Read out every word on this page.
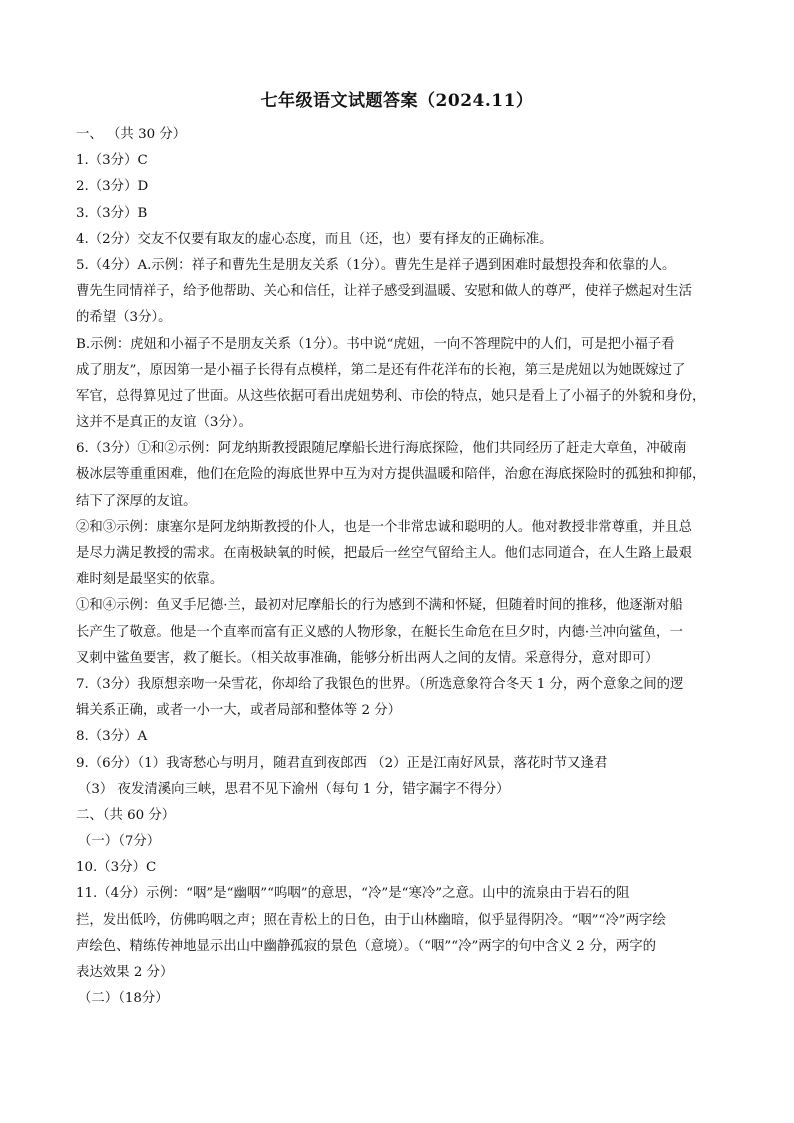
七年级语文试题答案（2024.11）
一、 （共 30 分）
1.（3分）C
2.（3分）D
3.（3分）B
4.（2分）交友不仅要有取友的虚心态度，而且（还，也）要有择友的正确标准。
5.（4分）A.示例：祥子和曹先生是朋友关系（1分）。曹先生是祥子遇到困难时最想投奔和依靠的人。
曹先生同情祥子，给予他帮助、关心和信任，让祥子感受到温暖、安慰和做人的尊严，使祥子燃起对生活
的希望（3分）。
B.示例：虎妞和小福子不是朋友关系（1分）。书中说“虎妞，一向不答理院中的人们，可是把小福子看
成了朋友”，原因第一是小福子长得有点模样，第二是还有件花洋布的长袍，第三是虎妞以为她既嫁过了
军官，总得算见过了世面。从这些依据可看出虎妞势利、市侩的特点，她只是看上了小福子的外貌和身份，
这并不是真正的友谊（3分）。
6.（3分）①和②示例：阿龙纳斯教授跟随尼摩船长进行海底探险，他们共同经历了赶走大章鱼，冲破南
极冰层等重重困难，他们在危险的海底世界中互为对方提供温暖和陪伴，治愈在海底探险时的孤独和抑郁，
结下了深厚的友谊。
②和③示例：康塞尔是阿龙纳斯教授的仆人，也是一个非常忠诚和聪明的人。他对教授非常尊重，并且总
是尽力满足教授的需求。在南极缺氧的时候，把最后一丝空气留给主人。他们志同道合，在人生路上最艰
难时刻是最坚实的依靠。
①和④示例：鱼叉手尼德·兰，最初对尼摩船长的行为感到不满和怀疑，但随着时间的推移，他逐渐对船
长产生了敬意。他是一个直率而富有正义感的人物形象，在艇长生命危在旦夕时，内德·兰冲向鲨鱼，一
叉刺中鲨鱼要害，救了艇长。（相关故事准确，能够分析出两人之间的友情。采意得分，意对即可）
7.（3分）我原想亲吻一朵雪花，你却给了我银色的世界。（所选意象符合冬天 1 分，两个意象之间的逻
辑关系正确，或者一小一大，或者局部和整体等 2 分）
8.（3分）A
9.（6分）（1）我寄愁心与明月，随君直到夜郎西 （2）正是江南好风景，落花时节又逢君
（3） 夜发清溪向三峡，思君不见下渝州（每句 1 分，错字漏字不得分）
二、（共 60 分）
（一）（7分）
10.（3分）C
11.（4分）示例：“咽”是“幽咽”“呜咽”的意思，“冷”是“寒冷”之意。山中的流泉由于岩石的阻
拦，发出低吟，仿佛呜咽之声；照在青松上的日色，由于山林幽暗，似乎显得阴冷。“咽”“冷”两字绘
声绘色、精练传神地显示出山中幽静孤寂的景色（意境）。（“咽”“冷”两字的句中含义 2 分，两字的
表达效果 2 分）
（二）（18分）
